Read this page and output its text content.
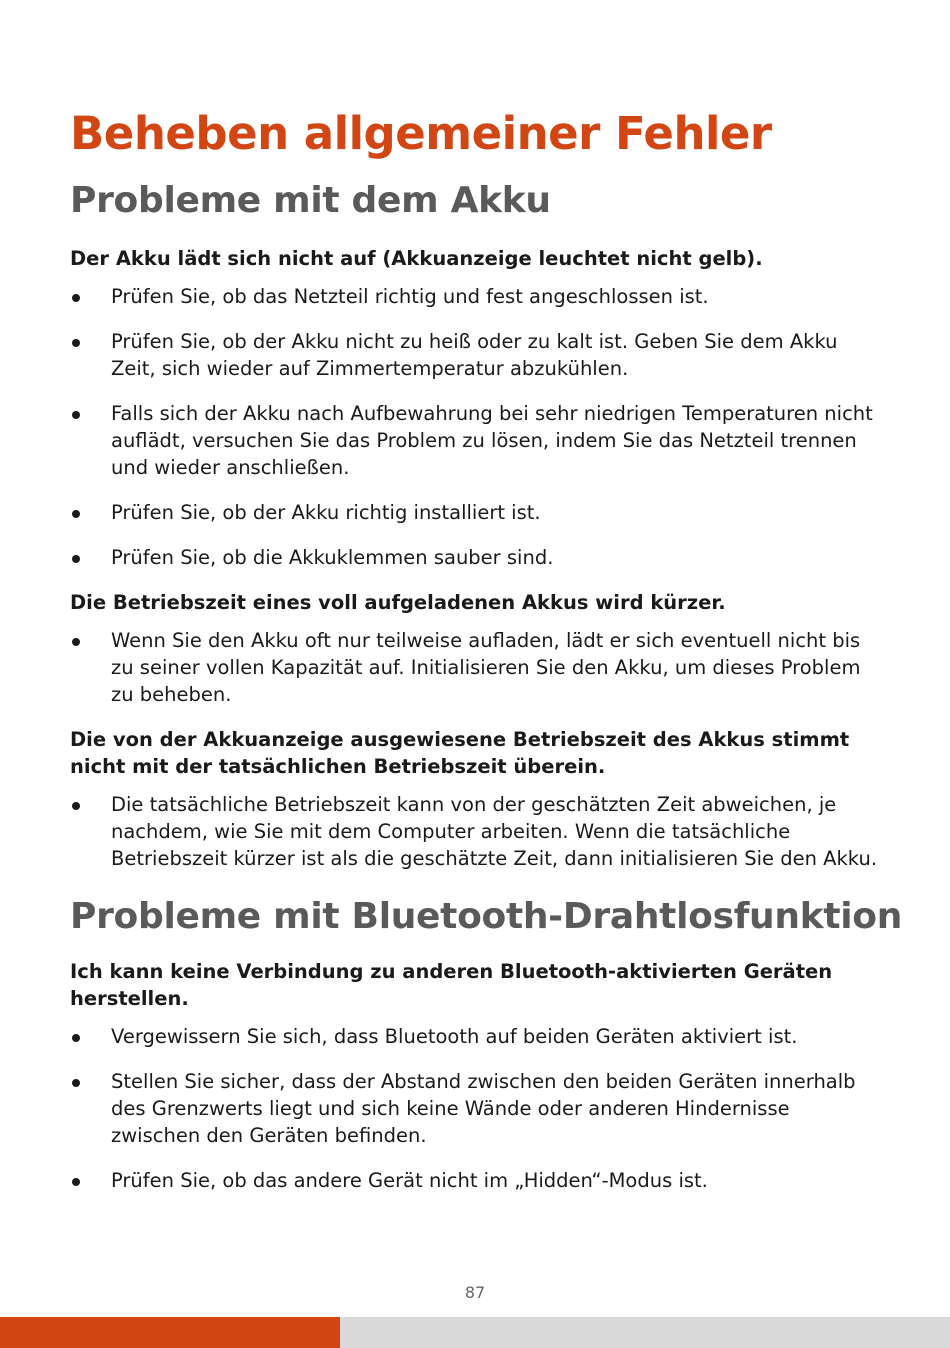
Beheben allgemeiner Fehler
Probleme mit dem Akku

Der Akku lädt sich nicht auf (Akkuanzeige leuchtet nicht gelb).

Prüfen Sie, ob das Netzteil richtig und fest angeschlossen ist.
Prüfen Sie, ob der Akku nicht zu heiß oder zu kalt ist. Geben Sie dem Akku Zeit, sich wieder auf Zimmertemperatur abzukühlen.
Falls sich der Akku nach Aufbewahrung bei sehr niedrigen Temperaturen nicht auflädt, versuchen Sie das Problem zu lösen, indem Sie das Netzteil trennen und wieder anschließen.
Prüfen Sie, ob der Akku richtig installiert ist.
Prüfen Sie, ob die Akkuklemmen sauber sind.

Die Betriebszeit eines voll aufgeladenen Akkus wird kürzer.

Wenn Sie den Akku oft nur teilweise aufladen, lädt er sich eventuell nicht bis zu seiner vollen Kapazität auf. Initialisieren Sie den Akku, um dieses Problem zu beheben.

Die von der Akkuanzeige ausgewiesene Betriebszeit des Akkus stimmt nicht mit der tatsächlichen Betriebszeit überein.

Die tatsächliche Betriebszeit kann von der geschätzten Zeit abweichen, je nachdem, wie Sie mit dem Computer arbeiten. Wenn die tatsächliche Betriebszeit kürzer ist als die geschätzte Zeit, dann initialisieren Sie den Akku.
Probleme mit Bluetooth-Drahtlosfunktion

Ich kann keine Verbindung zu anderen Bluetooth-aktivierten Geräten herstellen.

Vergewissern Sie sich, dass Bluetooth auf beiden Geräten aktiviert ist.
Stellen Sie sicher, dass der Abstand zwischen den beiden Geräten innerhalb des Grenzwerts liegt und sich keine Wände oder anderen Hindernisse zwischen den Geräten befinden.
Prüfen Sie, ob das andere Gerät nicht im „Hidden“-Modus ist.
87
